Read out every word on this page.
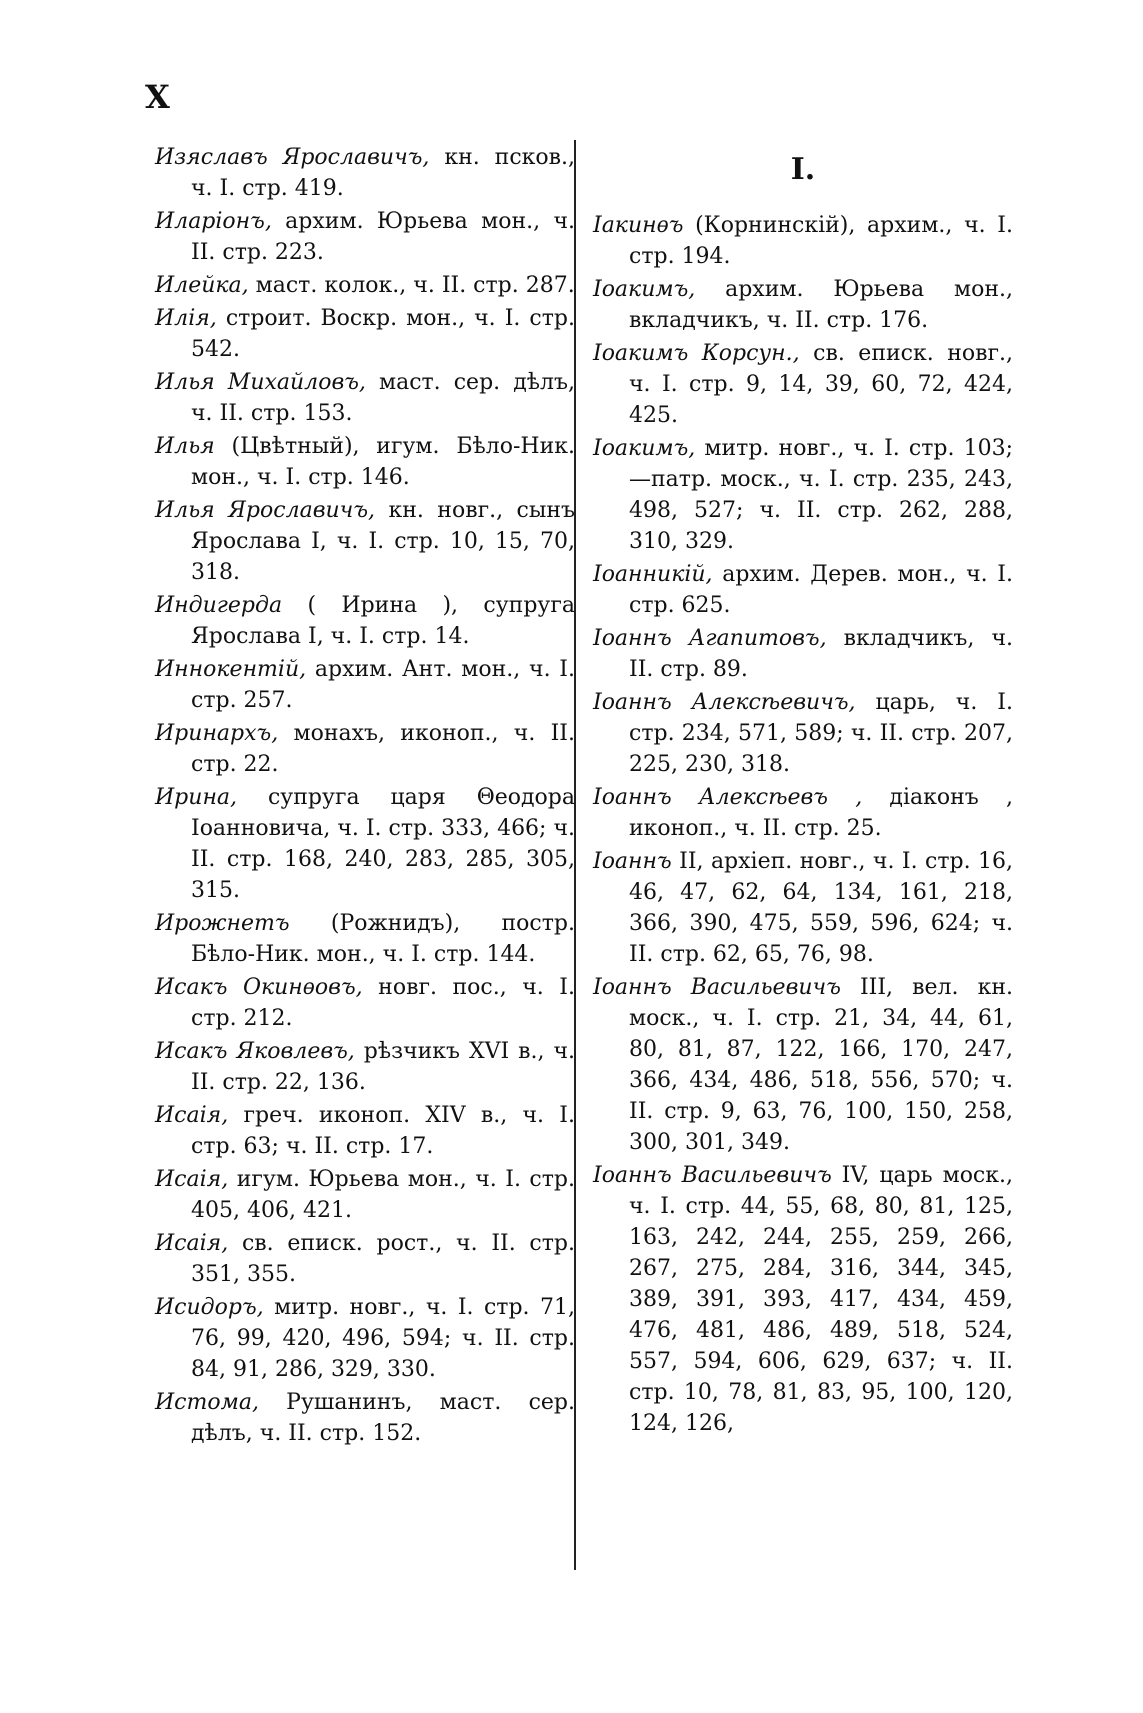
X

Изяславъ Ярославичъ, кн. псков., ч. I. стр. 419.

Иларіонъ, архим. Юрьева мон., ч. II. стр. 223.

Илейка, маст. колок., ч. II. стр. 287.

Илія, строит. Воскр. мон., ч. I. стр. 542.

Илья Михайловъ, маст. сер. дѣлъ, ч. II. стр. 153.

Илья (Цвѣтный), игум. Бѣло-Ник. мон., ч. I. стр. 146.

Илья Ярославичъ, кн. новг., сынъ Ярослава I, ч. I. стр. 10, 15, 70, 318.

Индигерда ( Ирина ), супруга Ярослава I, ч. I. стр. 14.

Иннокентій, архим. Ант. мон., ч. I. стр. 257.

Иринархъ, монахъ, иконоп., ч. II. стр. 22.

Ирина, супруга царя Θеодора Іоанновича, ч. I. стр. 333, 466; ч. II. стр. 168, 240, 283, 285, 305, 315.

Ирожнетъ (Рожнидъ), постр. Бѣло-Ник. мон., ч. I. стр. 144.

Исакъ Окинѳовъ, новг. пос., ч. I. стр. 212.

Исакъ Яковлевъ, рѣзчикъ XVI в., ч. II. стр. 22, 136.

Исаія, греч. иконоп. XIV в., ч. I. стр. 63; ч. II. стр. 17.

Исаія, игум. Юрьева мон., ч. I. стр. 405, 406, 421.

Исаія, св. еписк. рост., ч. II. стр. 351, 355.

Исидоръ, митр. новг., ч. I. стр. 71, 76, 99, 420, 496, 594; ч. II. стр. 84, 91, 286, 329, 330.

Истома, Рушанинъ, маст. сер. дѣлъ, ч. II. стр. 152.

I.

Іакинѳъ (Корнинскій), архим., ч. I. стр. 194.

Іоакимъ, архим. Юрьева мон., вкладчикъ, ч. II. стр. 176.

Іоакимъ Корсун., св. еписк. новг., ч. I. стр. 9, 14, 39, 60, 72, 424, 425.

Іоакимъ, митр. новг., ч. I. стр. 103;—патр. моск., ч. I. стр. 235, 243, 498, 527; ч. II. стр. 262, 288, 310, 329.

Іоанникій, архим. Дерев. мон., ч. I. стр. 625.

Іоаннъ Агапитовъ, вкладчикъ, ч. II. стр. 89.

Іоаннъ Алексѣевичъ, царь, ч. I. стр. 234, 571, 589; ч. II. стр. 207, 225, 230, 318.

Іоаннъ Алексѣевъ , діаконъ , иконоп., ч. II. стр. 25.

Іоаннъ II, архіеп. новг., ч. I. стр. 16, 46, 47, 62, 64, 134, 161, 218, 366, 390, 475, 559, 596, 624; ч. II. стр. 62, 65, 76, 98.

Іоаннъ Васильевичъ III, вел. кн. моск., ч. I. стр. 21, 34, 44, 61, 80, 81, 87, 122, 166, 170, 247, 366, 434, 486, 518, 556, 570; ч. II. стр. 9, 63, 76, 100, 150, 258, 300, 301, 349.

Іоаннъ Васильевичъ IV, царь моск., ч. I. стр. 44, 55, 68, 80, 81, 125, 163, 242, 244, 255, 259, 266, 267, 275, 284, 316, 344, 345, 389, 391, 393, 417, 434, 459, 476, 481, 486, 489, 518, 524, 557, 594, 606, 629, 637; ч. II. стр. 10, 78, 81, 83, 95, 100, 120, 124, 126,
